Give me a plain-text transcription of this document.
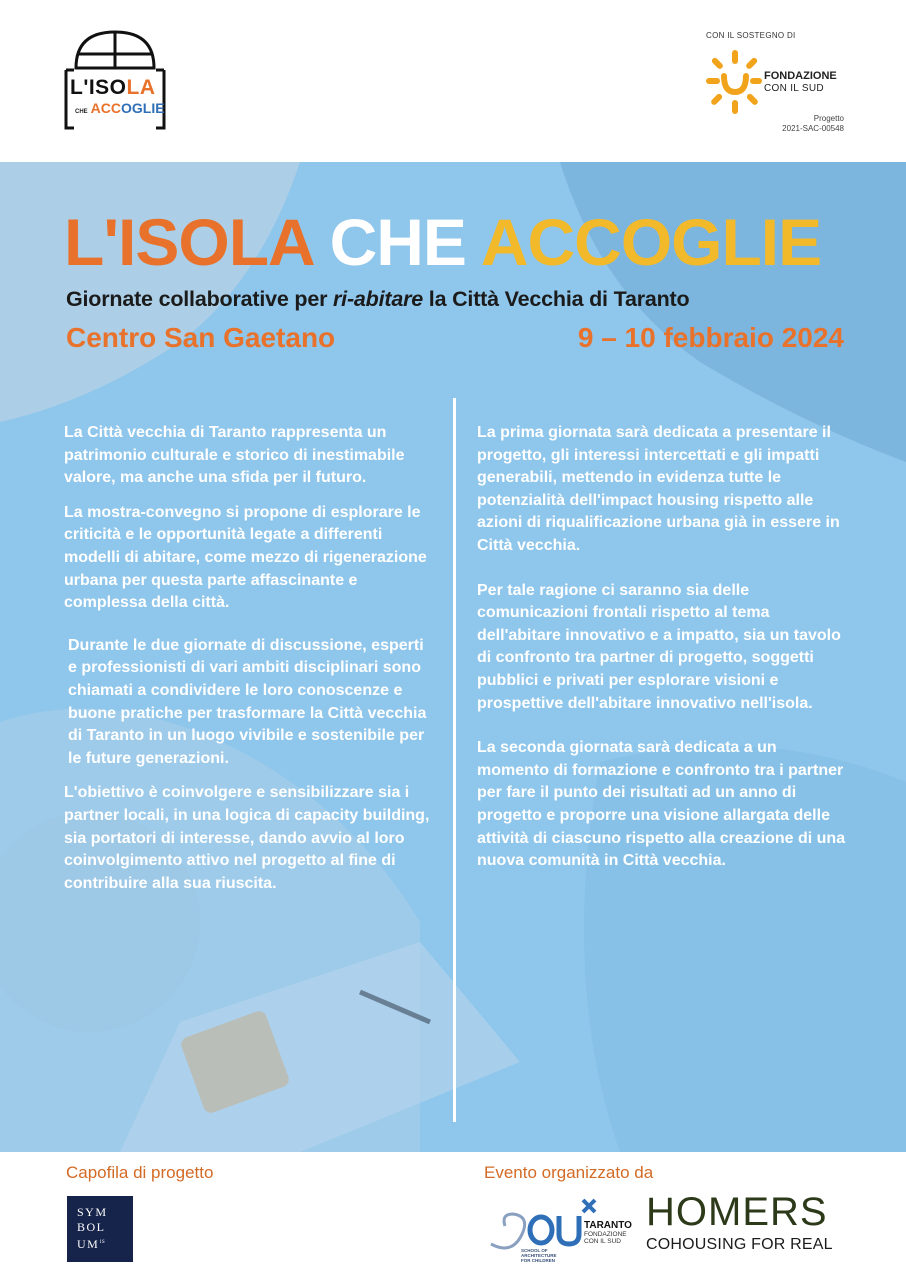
L'ISOLA
CHE ACCOGLIE
CON IL SOSTEGNO DI
FONDAZIONE
CON IL SUD
Progetto
2021-SAC-00548
L'ISOLA CHE ACCOGLIE
Giornate collaborative per ri-abitare la Città Vecchia di Taranto
Centro San Gaetano	9 – 10 febbraio 2024

La Città vecchia di Taranto rappresenta un patrimonio culturale e storico di inestimabile valore, ma anche una sfida per il futuro.

La mostra-convegno si propone di esplorare le criticità e le opportunità legate a differenti modelli di abitare, come mezzo di rigenerazione urbana per questa parte affascinante e complessa della città.

Durante le due giornate di discussione, esperti e professionisti di vari ambiti disciplinari sono chiamati a condividere le loro conoscenze e buone pratiche per trasformare la Città vecchia di Taranto in un luogo vivibile e sostenibile per le future generazioni.

L'obiettivo è coinvolgere e sensibilizzare sia i partner locali, in una logica di capacity building, sia portatori di interesse, dando avvio al loro coinvolgimento attivo nel progetto al fine di contribuire alla sua riuscita.

La prima giornata sarà dedicata a presentare il progetto, gli interessi intercettati e gli impatti generabili, mettendo in evidenza tutte le potenzialità dell'impact housing rispetto alle azioni di riqualificazione urbana già in essere in Città vecchia.

Per tale ragione ci saranno sia delle comunicazioni frontali rispetto al tema dell'abitare innovativo e a impatto, sia un tavolo di confronto tra partner di progetto, soggetti pubblici e privati per esplorare visioni e prospettive dell'abitare innovativo nell'isola.

La seconda giornata sarà dedicata a un momento di formazione e confronto tra i partner per fare il punto dei risultati ad un anno di progetto e proporre una visione allargata delle attività di ciascuno rispetto alla creazione di una nuova comunità in Città vecchia.

Capofila di progetto
SYM
BOL
$UM^{1S}$
Evento organizzato da
SCHOOL OF
ARCHITECTURE
FOR CHILDREN
TARANTO
FONDAZIONE
CON IL SUD
HOMERS
COHOUSING FOR REAL
